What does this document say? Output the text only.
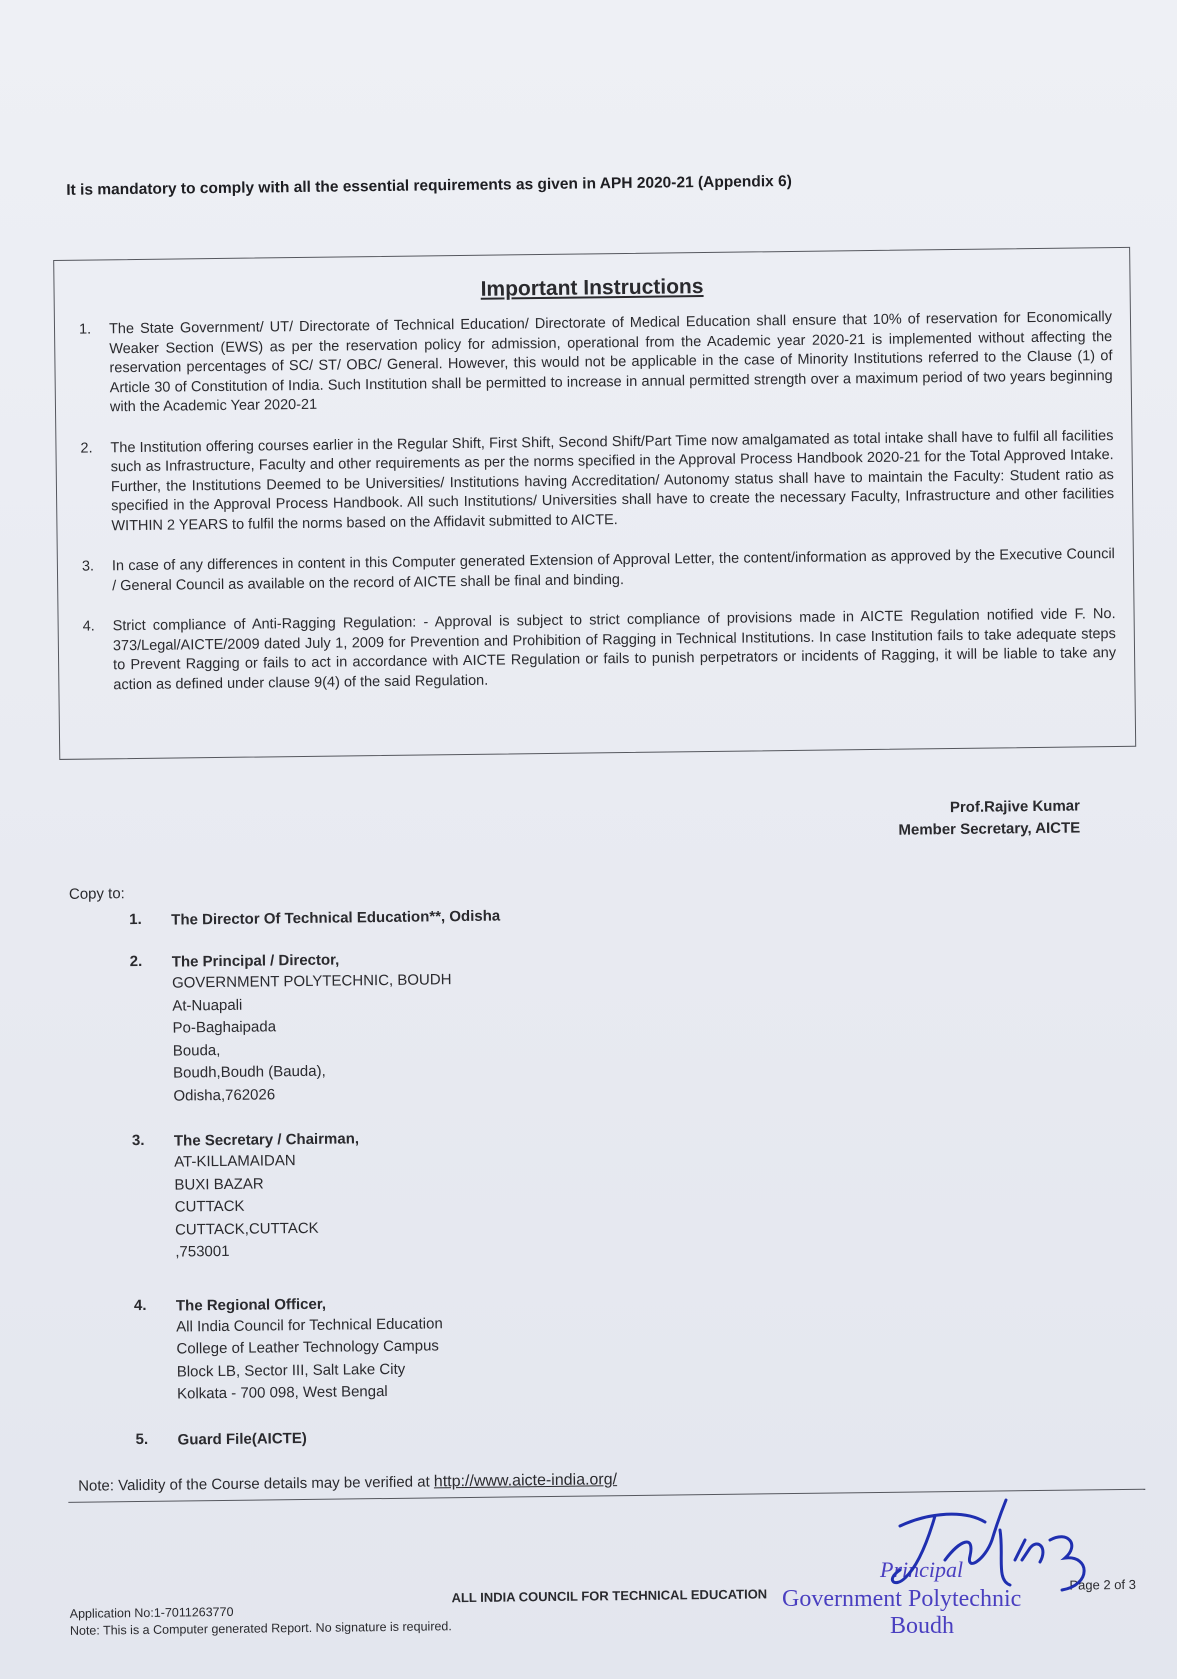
It is mandatory to comply with all the essential requirements as given in APH 2020-21 (Appendix 6)
Important Instructions
1.	The State Government/ UT/ Directorate of Technical Education/ Directorate of Medical Education shall ensure that 10% of reservation for Economically Weaker Section (EWS) as per the reservation policy for admission, operational from the Academic year 2020-21 is implemented without affecting the reservation percentages of SC/ ST/ OBC/ General. However, this would not be applicable in the case of Minority Institutions referred to the Clause (1) of Article 30 of Constitution of India. Such Institution shall be permitted to increase in annual permitted strength over a maximum period of two years beginning with the Academic Year 2020-21
2.	The Institution offering courses earlier in the Regular Shift, First Shift, Second Shift/Part Time now amalgamated as total intake shall have to fulfil all facilities such as Infrastructure, Faculty and other requirements as per the norms specified in the Approval Process Handbook 2020-21 for the Total Approved Intake. Further, the Institutions Deemed to be Universities/ Institutions having Accreditation/ Autonomy status shall have to maintain the Faculty: Student ratio as specified in the Approval Process Handbook. All such Institutions/ Universities shall have to create the necessary Faculty, Infrastructure and other facilities WITHIN 2 YEARS to fulfil the norms based on the Affidavit submitted to AICTE.
3.	In case of any differences in content in this Computer generated Extension of Approval Letter, the content/information as approved by the Executive Council / General Council as available on the record of AICTE shall be final and binding.
4.	Strict compliance of Anti-Ragging Regulation: - Approval is subject to strict compliance of provisions made in AICTE Regulation notified vide F. No. 373/Legal/AICTE/2009 dated July 1, 2009 for Prevention and Prohibition of Ragging in Technical Institutions. In case Institution fails to take adequate steps to Prevent Ragging or fails to act in accordance with AICTE Regulation or fails to punish perpetrators or incidents of Ragging, it will be liable to take any action as defined under clause 9(4) of the said Regulation.
Prof.Rajive Kumar
Member Secretary, AICTE
Copy to:
1.	The Director Of Technical Education**, Odisha
2.	The Principal / Director,
GOVERNMENT POLYTECHNIC, BOUDH
At-Nuapali
Po-Baghaipada
Bouda,
Boudh,Boudh (Bauda),
Odisha,762026
3.	The Secretary / Chairman,
AT-KILLAMAIDAN
BUXI BAZAR
CUTTACK
CUTTACK,CUTTACK
,753001
4.	The Regional Officer,
All India Council for Technical Education
College of Leather Technology Campus
Block LB, Sector III, Salt Lake City
Kolkata - 700 098, West Bengal
5.	Guard File(AICTE)
Note: Validity of the Course details may be verified at http://www.aicte-india.org/
ALL INDIA COUNCIL FOR TECHNICAL EDUCATION
Page 2 of 3
Application No:1-7011263770
Note: This is a Computer generated Report. No signature is required.
Principal
Government Polytechnic
Boudh
